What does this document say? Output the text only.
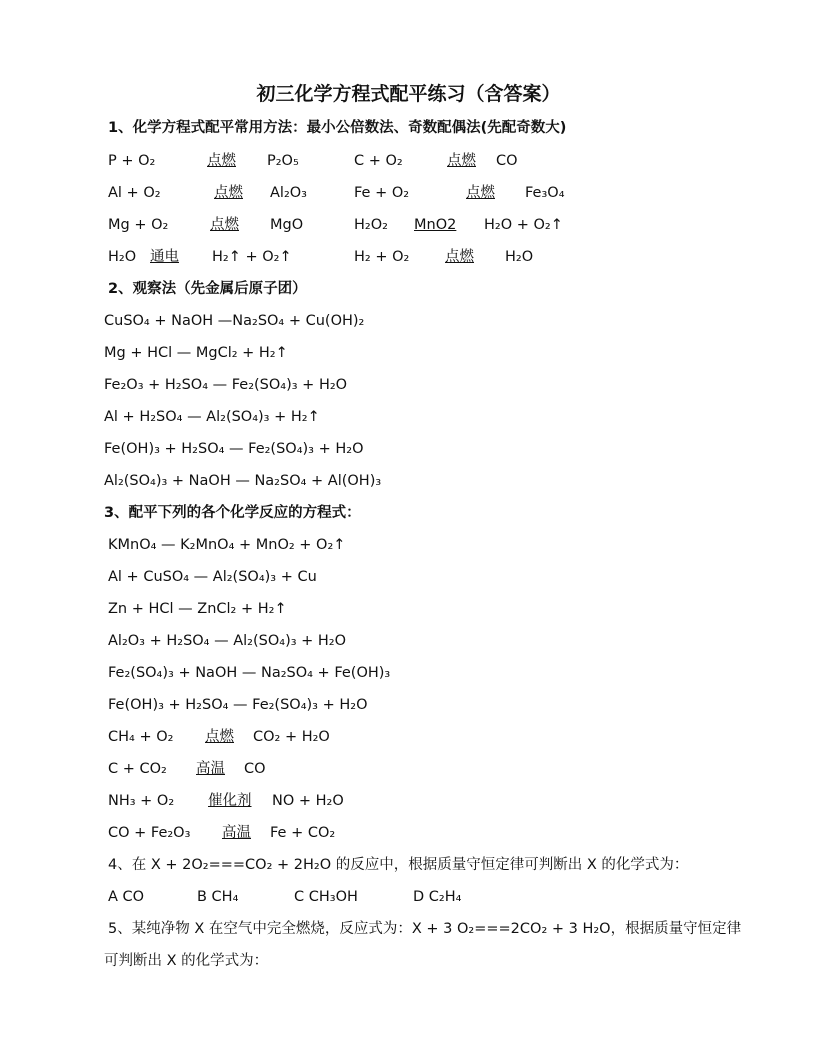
初三化学方程式配平练习（含答案）
1、化学方程式配平常用方法：最小公倍数法、奇数配偶法(先配奇数大)
P + O₂	点燃 P₂O₅	C + O₂	点燃 CO
Al + O₂	点燃 Al₂O₃	Fe + O₂	点燃 Fe₃O₄
Mg + O₂	点燃 MgO	H₂O₂ MnO2 H₂O + O₂↑
H₂O 通电 H₂↑ + O₂↑	H₂ + O₂ 点燃 H₂O
2、观察法（先金属后原子团）
CuSO₄ + NaOH —Na₂SO₄ + Cu(OH)₂
Mg + HCl — MgCl₂ + H₂↑
Fe₂O₃ + H₂SO₄ — Fe₂(SO₄)₃ + H₂O
Al + H₂SO₄ — Al₂(SO₄)₃ + H₂↑
Fe(OH)₃ + H₂SO₄ — Fe₂(SO₄)₃ + H₂O
Al₂(SO₄)₃ + NaOH — Na₂SO₄ + Al(OH)₃
3、配平下列的各个化学反应的方程式：
KMnO₄ — K₂MnO₄ + MnO₂ + O₂↑
Al + CuSO₄ — Al₂(SO₄)₃ + Cu
Zn + HCl — ZnCl₂ + H₂↑
Al₂O₃ + H₂SO₄ — Al₂(SO₄)₃ + H₂O
Fe₂(SO₄)₃ + NaOH — Na₂SO₄ + Fe(OH)₃
Fe(OH)₃ + H₂SO₄ — Fe₂(SO₄)₃ + H₂O
CH₄ + O₂ 点燃 CO₂ + H₂O
C + CO₂ 高温 CO
NH₃ + O₂ 催化剂 NO + H₂O
CO + Fe₂O₃ 高温 Fe + CO₂
4、在 X + 2O₂===CO₂ + 2H₂O 的反应中，根据质量守恒定律可判断出 X 的化学式为：
A CO	B CH₄	C CH₃OH	D C₂H₄
5、某纯净物 X 在空气中完全燃烧，反应式为：X + 3 O₂===2CO₂ + 3 H₂O，根据质量守恒定律
可判断出 X 的化学式为：
